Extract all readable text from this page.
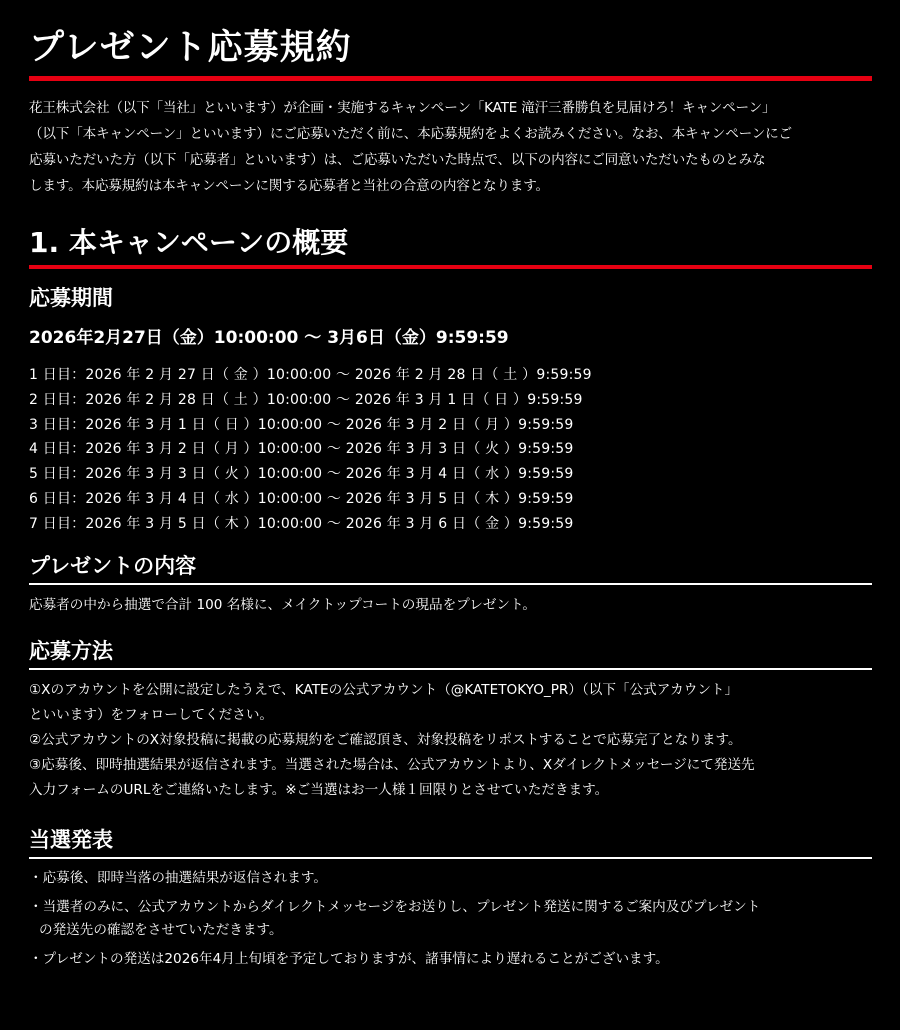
プレゼント応募規約

花王株式会社（以下「当社」といいます）が企画・実施するキャンペーン「KATE 滝汗三番勝負を見届けろ！キャンペーン」
（以下「本キャンペーン」といいます）にご応募いただく前に、本応募規約をよくお読みください。なお、本キャンペーンにご
応募いただいた方（以下「応募者」といいます）は、ご応募いただいた時点で、以下の内容にご同意いただいたものとみな
します。本応募規約は本キャンペーンに関する応募者と当社の合意の内容となります。

1. 本キャンペーンの概要
応募期間

2026年2月27日（金）10:00:00 ～ 3月6日（金）9:59:59

1 日目：2026 年 2 月 27 日（ 金 ）10:00:00 ～ 2026 年 2 月 28 日（ 土 ）9:59:59
2 日目：2026 年 2 月 28 日（ 土 ）10:00:00 ～ 2026 年 3 月 1 日（ 日 ）9:59:59
3 日目：2026 年 3 月 1 日（ 日 ）10:00:00 ～ 2026 年 3 月 2 日（ 月 ）9:59:59
4 日目：2026 年 3 月 2 日（ 月 ）10:00:00 ～ 2026 年 3 月 3 日（ 火 ）9:59:59
5 日目：2026 年 3 月 3 日（ 火 ）10:00:00 ～ 2026 年 3 月 4 日（ 水 ）9:59:59
6 日目：2026 年 3 月 4 日（ 水 ）10:00:00 ～ 2026 年 3 月 5 日（ 木 ）9:59:59
7 日目：2026 年 3 月 5 日（ 木 ）10:00:00 ～ 2026 年 3 月 6 日（ 金 ）9:59:59
プレゼントの内容

応募者の中から抽選で合計 100 名様に、メイクトップコートの現品をプレゼント。

応募方法

①Xのアカウントを公開に設定したうえで、KATEの公式アカウント（@KATETOKYO_PR）（以下「公式アカウント」
といいます）をフォローしてください。
②公式アカウントのX対象投稿に掲載の応募規約をご確認頂き、対象投稿をリポストすることで応募完了となります。
③応募後、即時抽選結果が返信されます。当選された場合は、公式アカウントより、Xダイレクトメッセージにて発送先
入力フォームのURLをご連絡いたします。※ご当選はお一人様１回限りとさせていただきます。

当選発表
・応募後、即時当落の抽選結果が返信されます。
・当選者のみに、公式アカウントからダイレクトメッセージをお送りし、プレゼント発送に関するご案内及びプレゼント
の発送先の確認をさせていただきます。
・プレゼントの発送は2026年4月上旬頃を予定しておりますが、諸事情により遅れることがございます。
